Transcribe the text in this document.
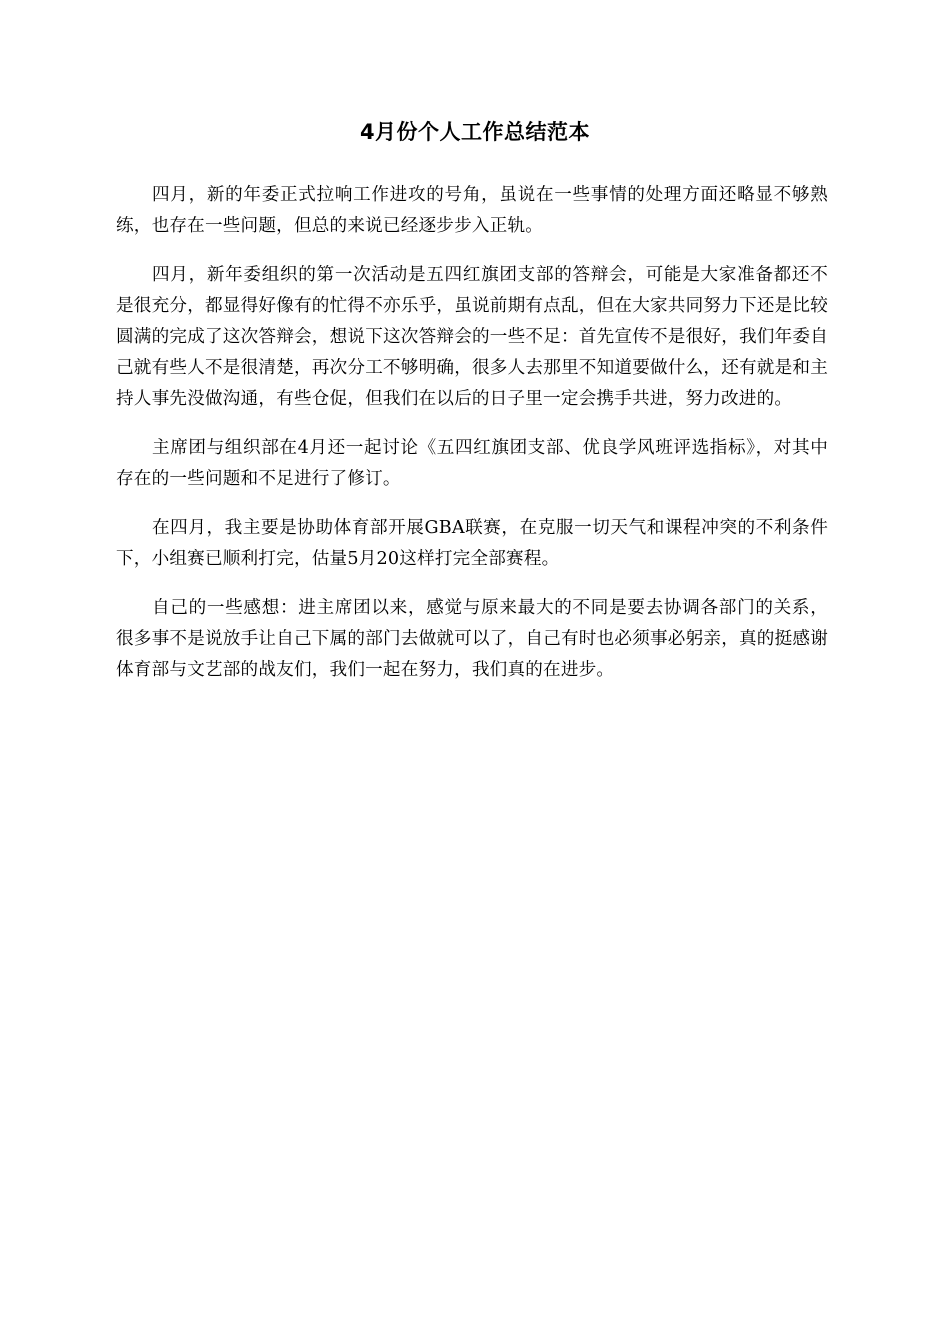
4月份个人工作总结范本

四月，新的年委正式拉响工作进攻的号角，虽说在一些事情的处理方面还略显不够熟练，也存在一些问题，但总的来说已经逐步步入正轨。

四月，新年委组织的第一次活动是五四红旗团支部的答辩会，可能是大家准备都还不是很充分，都显得好像有的忙得不亦乐乎，虽说前期有点乱，但在大家共同努力下还是比较圆满的完成了这次答辩会，想说下这次答辩会的一些不足：首先宣传不是很好，我们年委自己就有些人不是很清楚，再次分工不够明确，很多人去那里不知道要做什么，还有就是和主持人事先没做沟通，有些仓促，但我们在以后的日子里一定会携手共进，努力改进的。

主席团与组织部在4月还一起讨论《五四红旗团支部、优良学风班评选指标》，对其中存在的一些问题和不足进行了修订。

在四月，我主要是协助体育部开展GBA联赛，在克服一切天气和课程冲突的不利条件下，小组赛已顺利打完，估量5月20这样打完全部赛程。

自己的一些感想：进主席团以来，感觉与原来最大的不同是要去协调各部门的关系，很多事不是说放手让自己下属的部门去做就可以了，自己有时也必须事必躬亲，真的挺感谢体育部与文艺部的战友们，我们一起在努力，我们真的在进步。
